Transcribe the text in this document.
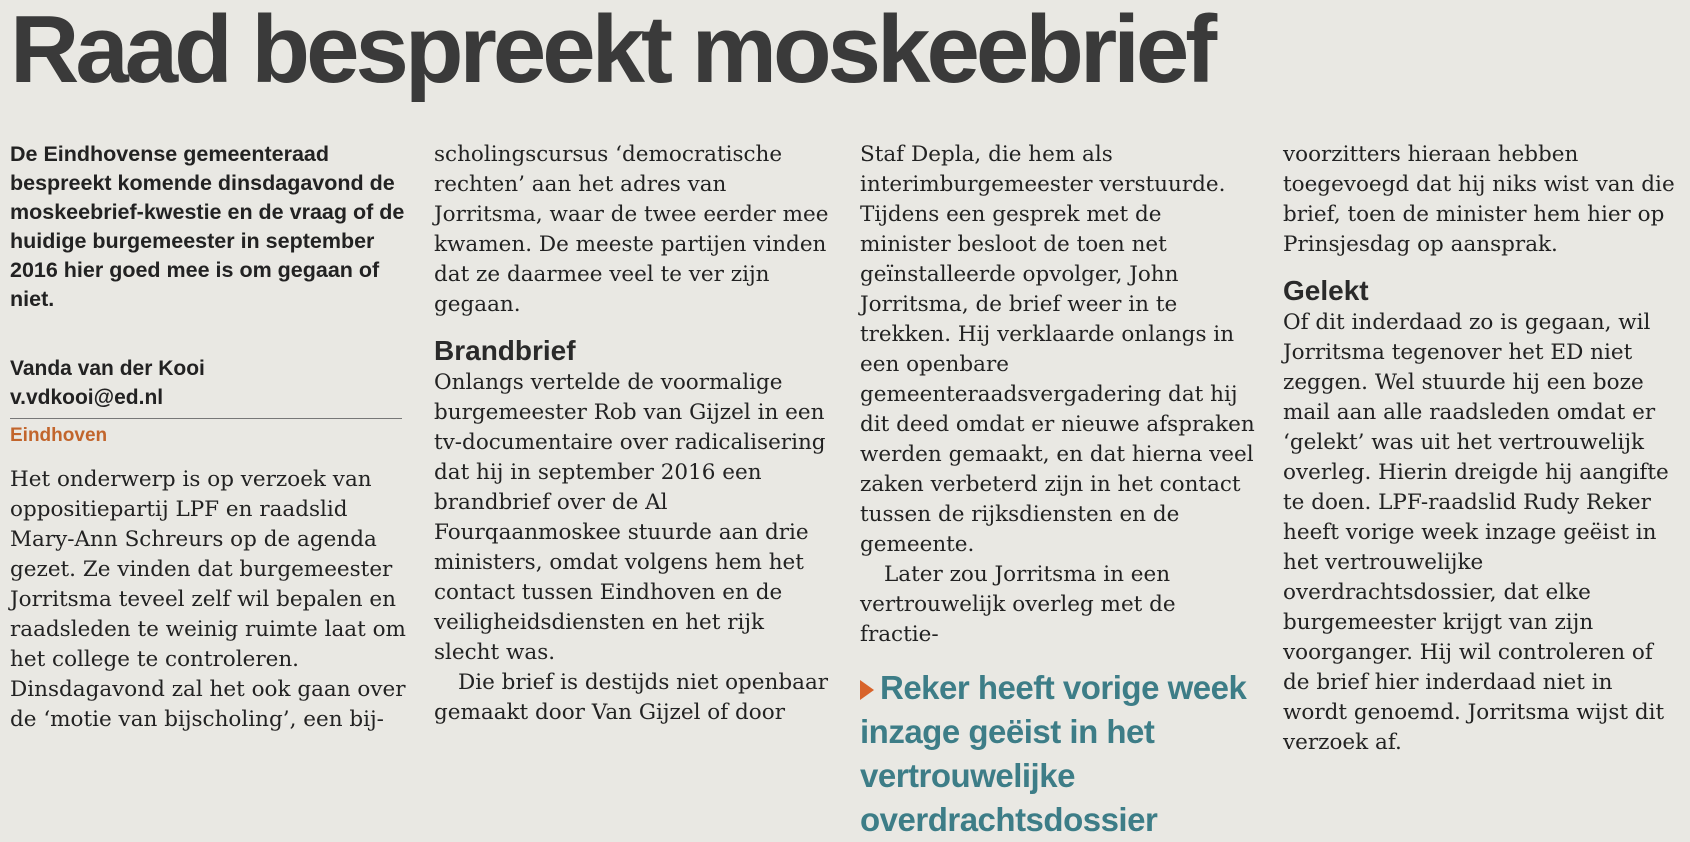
Raad bespreekt moskeebrief

De Eindhovense gemeenteraad bespreekt komende dinsdagavond de moskeebrief-kwestie en de vraag of de huidige burgemeester in september 2016 hier goed mee is om gegaan of niet.

Vanda van der Kooi
v.vdkooi@ed.nl
Eindhoven

Het onderwerp is op verzoek van oppositiepartij LPF en raadslid Mary-Ann Schreurs op de agenda gezet. Ze vinden dat burgemeester Jorritsma teveel zelf wil bepalen en raadsleden te weinig ruimte laat om het college te controleren. Dinsdagavond zal het ook gaan over de ‘motie van bijscholing’, een bij-

scholingscursus ‘democratische rechten’ aan het adres van Jorritsma, waar de twee eerder mee kwamen. De meeste partijen vinden dat ze daarmee veel te ver zijn gegaan.

Brandbrief

Onlangs vertelde de voormalige burgemeester Rob van Gijzel in een tv-documentaire over radicalisering dat hij in september 2016 een brandbrief over de Al Fourqaanmoskee stuurde aan drie ministers, omdat volgens hem het contact tussen Eindhoven en de veiligheidsdiensten en het rijk slecht was.

Die brief is destijds niet openbaar gemaakt door Van Gijzel of door

Staf Depla, die hem als interimburgemeester verstuurde. Tijdens een gesprek met de minister besloot de toen net geïnstalleerde opvolger, John Jorritsma, de brief weer in te trekken. Hij verklaarde onlangs in een openbare gemeenteraadsvergadering dat hij dit deed omdat er nieuwe afspraken werden gemaakt, en dat hierna veel zaken verbeterd zijn in het contact tussen de rijksdiensten en de gemeente.

Later zou Jorritsma in een vertrouwelijk overleg met de fractie-

Reker heeft vorige week inzage geëist in het vertrouwelijke overdrachtsdossier

voorzitters hieraan hebben toegevoegd dat hij niks wist van die brief, toen de minister hem hier op Prinsjesdag op aansprak.

Gelekt

Of dit inderdaad zo is gegaan, wil Jorritsma tegenover het ED niet zeggen. Wel stuurde hij een boze mail aan alle raadsleden omdat er ‘gelekt’ was uit het vertrouwelijk overleg. Hierin dreigde hij aangifte te doen. LPF-raadslid Rudy Reker heeft vorige week inzage geëist in het vertrouwelijke overdrachtsdossier, dat elke burgemeester krijgt van zijn voorganger. Hij wil controleren of de brief hier inderdaad niet in wordt genoemd. Jorritsma wijst dit verzoek af.
